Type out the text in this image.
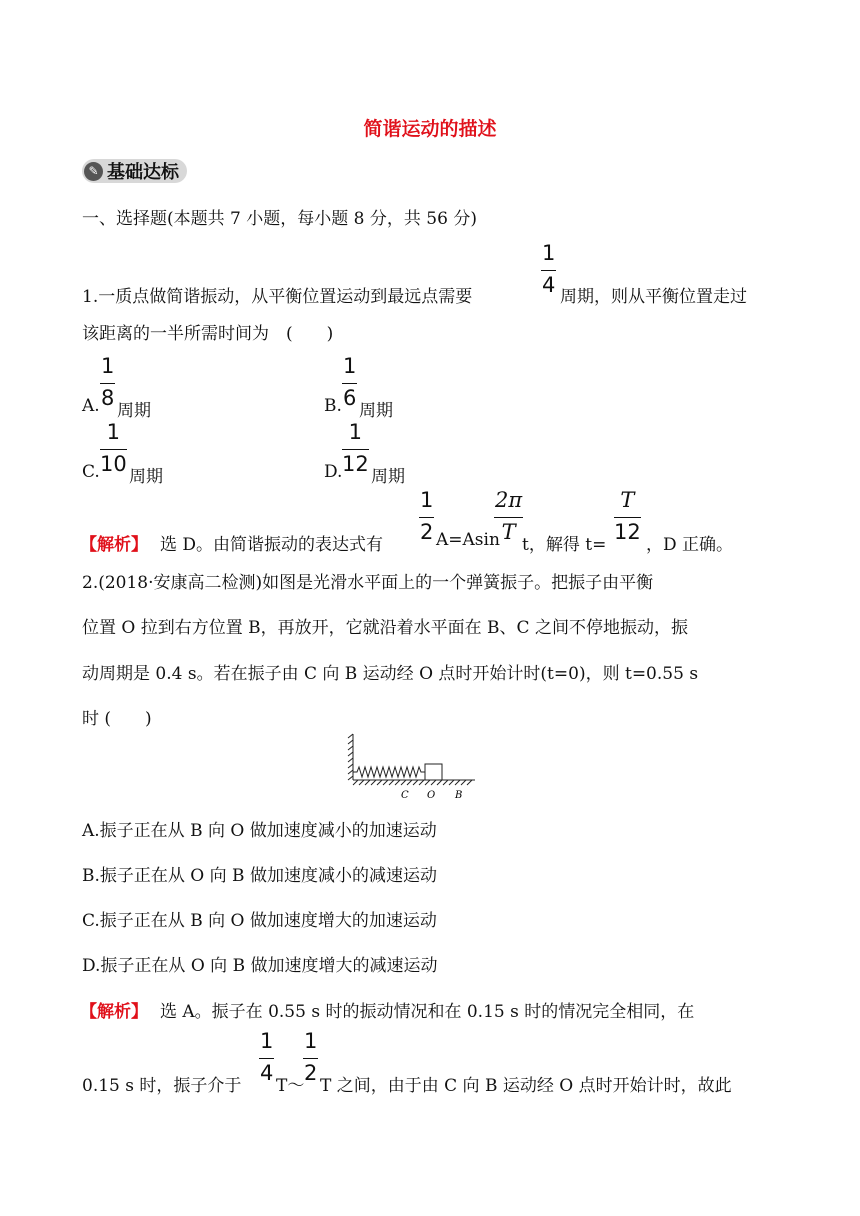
简谐运动的描述
✎ 基础达标
一、选择题(本题共 7 小题，每小题 8 分，共 56 分)
1.一质点做简谐振动，从平衡位置运动到最远点需要
$\frac{1}{4}$
周期，则从平衡位置走过
该距离的一半所需时间为　(　　)
A. $\frac{1}{8}$
周期	B. $\frac{1}{6}$
周期
C. $\frac{1}{10}$
周期	D. $\frac{1}{12}$
周期
【解析】 选 D。由简谐振动的表达式有
$\frac{1}{2} A=Asin$
$\frac{2\pi}{T}$
t，解得 t=
$\frac{T}{12}$
，D 正确。
2.(2018·安康高二检测)如图是光滑水平面上的一个弹簧振子。把振子由平衡
位置 O 拉到右方位置 B，再放开，它就沿着水平面在 B、C 之间不停地振动，振
动周期是 0.4 s。若在振子由 C 向 B 运动经 O 点时开始计时(t=0)，则 t=0.55 s
时 (　　)
C O B
A.振子正在从 B 向 O 做加速度减小的加速运动
B.振子正在从 O 向 B 做加速度减小的减速运动
C.振子正在从 B 向 O 做加速度增大的加速运动
D.振子正在从 O 向 B 做加速度增大的减速运动
【解析】 选 A。振子在 0.55 s 时的振动情况和在 0.15 s 时的情况完全相同，在
0.15 s 时，振子介于
$\frac{1}{4}$
T～
$\frac{1}{2}$
T 之间，由于由 C 向 B 运动经 O 点时开始计时，故此
